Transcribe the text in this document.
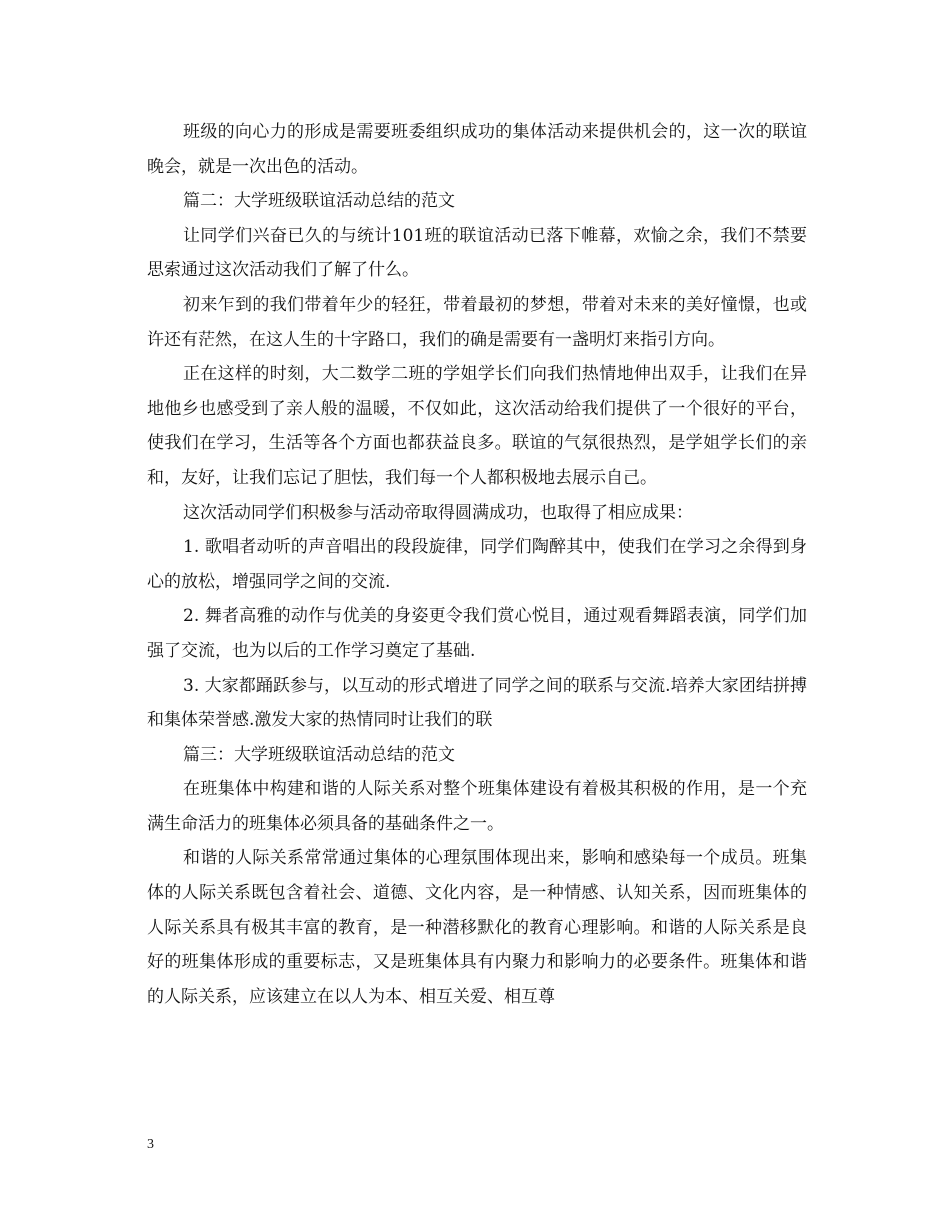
班级的向心力的形成是需要班委组织成功的集体活动来提供机会的，这一次的联谊晚会，就是一次出色的活动。

篇二：大学班级联谊活动总结的范文

让同学们兴奋已久的与统计101班的联谊活动已落下帷幕，欢愉之余，我们不禁要思索通过这次活动我们了解了什么。

初来乍到的我们带着年少的轻狂，带着最初的梦想，带着对未来的美好憧憬，也或许还有茫然，在这人生的十字路口，我们的确是需要有一盏明灯来指引方向。

正在这样的时刻，大二数学二班的学姐学长们向我们热情地伸出双手，让我们在异地他乡也感受到了亲人般的温暖，不仅如此，这次活动给我们提供了一个很好的平台，使我们在学习，生活等各个方面也都获益良多。联谊的气氛很热烈，是学姐学长们的亲和，友好，让我们忘记了胆怯，我们每一个人都积极地去展示自己。

这次活动同学们积极参与活动帝取得圆满成功，也取得了相应成果：

1. 歌唱者动听的声音唱出的段段旋律，同学们陶醉其中，使我们在学习之余得到身心的放松，增强同学之间的交流.

2. 舞者高雅的动作与优美的身姿更令我们赏心悦目，通过观看舞蹈表演，同学们加强了交流，也为以后的工作学习奠定了基础.

3. 大家都踊跃参与，以互动的形式增进了同学之间的联系与交流.培养大家团结拼搏和集体荣誉感.激发大家的热情同时让我们的联

篇三：大学班级联谊活动总结的范文

在班集体中构建和谐的人际关系对整个班集体建设有着极其积极的作用，是一个充满生命活力的班集体必须具备的基础条件之一。

和谐的人际关系常常通过集体的心理氛围体现出来，影响和感染每一个成员。班集体的人际关系既包含着社会、道德、文化内容，是一种情感、认知关系，因而班集体的人际关系具有极其丰富的教育，是一种潜移默化的教育心理影响。和谐的人际关系是良好的班集体形成的重要标志，又是班集体具有内聚力和影响力的必要条件。班集体和谐的人际关系，应该建立在以人为本、相互关爱、相互尊

3
